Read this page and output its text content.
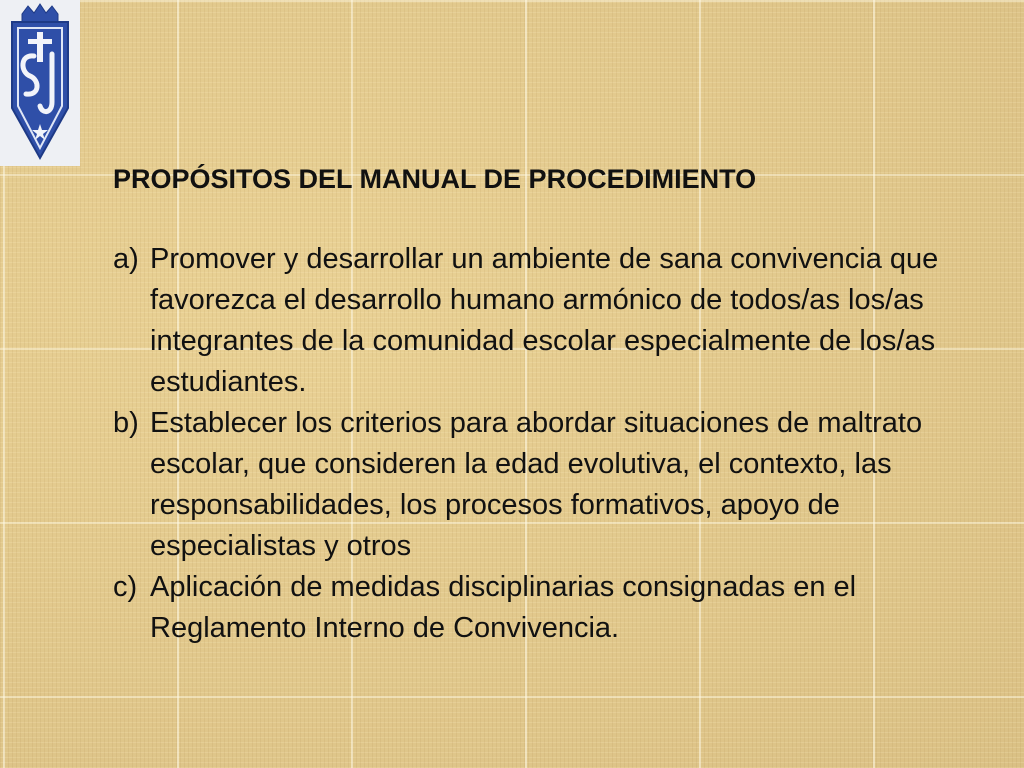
PROPÓSITOS DEL MANUAL DE PROCEDIMIENTO
a) Promover y desarrollar un ambiente de sana convivencia que favorezca el desarrollo humano armónico de todos/as los/as integrantes de la comunidad escolar especialmente de los/as estudiantes.
b) Establecer los criterios para abordar situaciones de maltrato escolar, que consideren la edad evolutiva, el contexto, las responsabilidades, los procesos formativos, apoyo de especialistas y otros
c) Aplicación de medidas disciplinarias consignadas en el Reglamento Interno de Convivencia.
